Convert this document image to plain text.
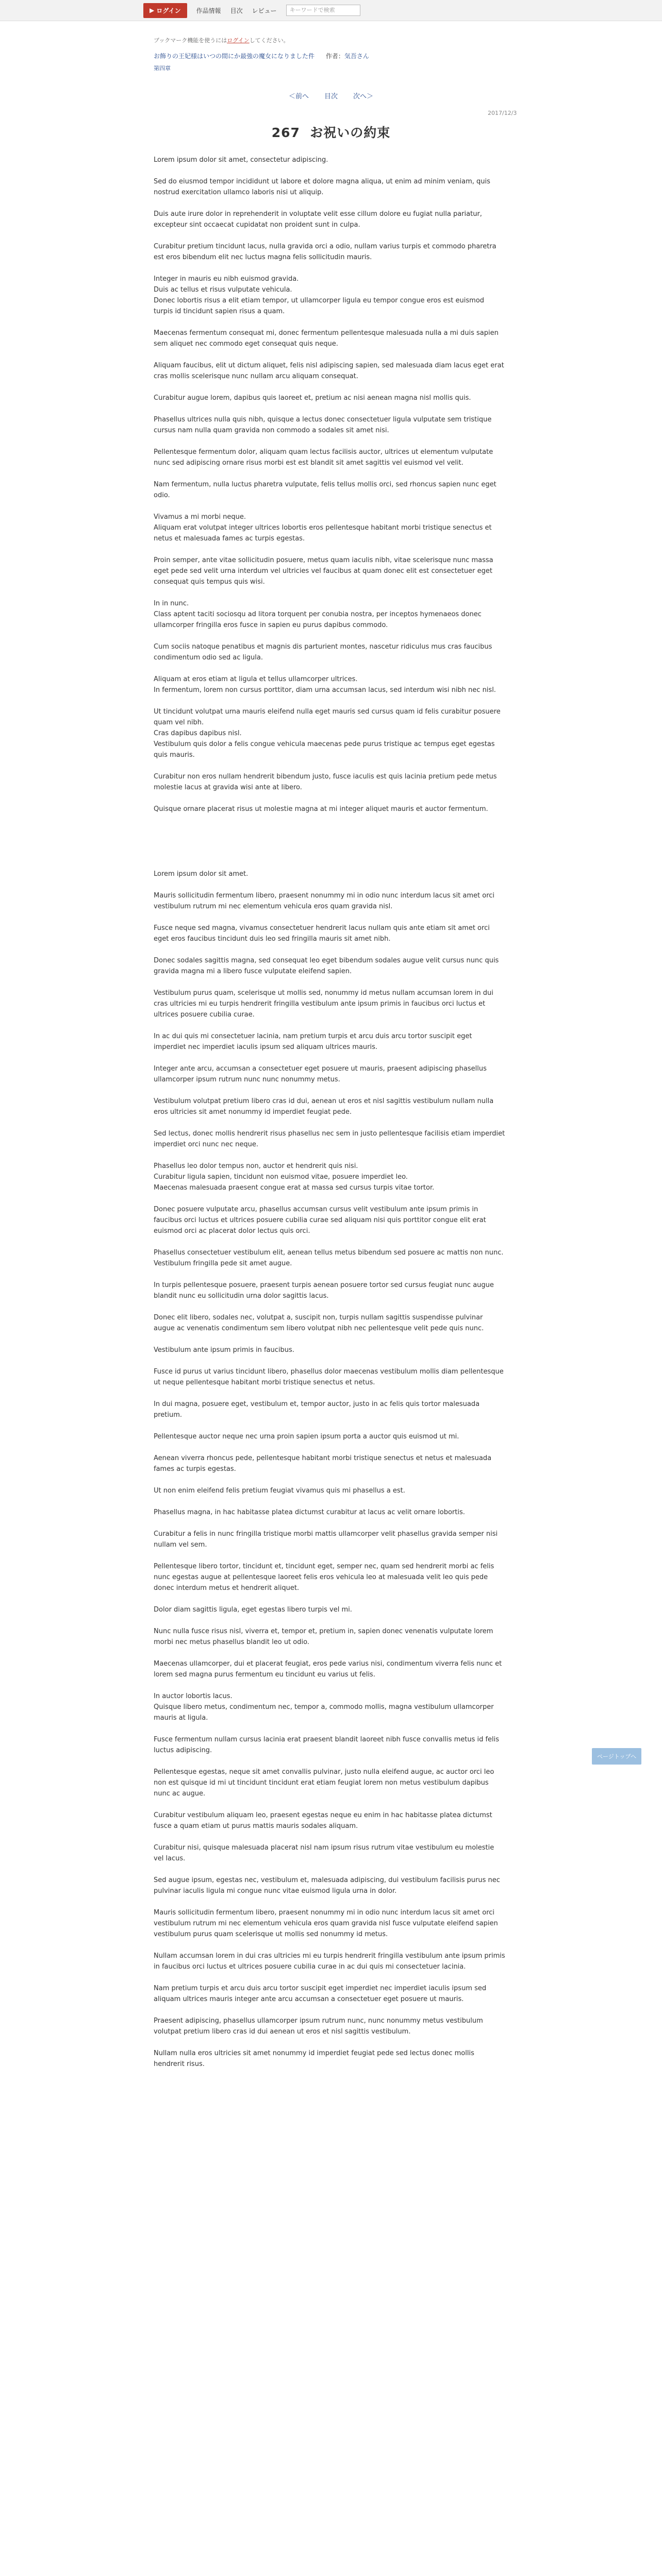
▶ ログイン	作品情報 目次 レビュー	キーワードで検索
ブックマーク機能を使うにはログインしてください。
お飾りの王妃様はいつの間にか最強の魔女になりました件 作者：気吾さん
第四章
＜前へ 目次 次へ＞
2017/12/3
267 お祝いの約束

Lorem ipsum dolor sit amet, consectetur adipiscing.

Sed do eiusmod tempor incididunt ut labore et dolore magna aliqua, ut enim ad minim veniam, quis nostrud exercitation ullamco laboris nisi ut aliquip.

Duis aute irure dolor in reprehenderit in voluptate velit esse cillum dolore eu fugiat nulla pariatur, excepteur sint occaecat cupidatat non proident sunt in culpa.

Curabitur pretium tincidunt lacus, nulla gravida orci a odio, nullam varius turpis et commodo pharetra est eros bibendum elit nec luctus magna felis sollicitudin mauris.

Integer in mauris eu nibh euismod gravida.

Duis ac tellus et risus vulputate vehicula.

Donec lobortis risus a elit etiam tempor, ut ullamcorper ligula eu tempor congue eros est euismod turpis id tincidunt sapien risus a quam.

Maecenas fermentum consequat mi, donec fermentum pellentesque malesuada nulla a mi duis sapien sem aliquet nec commodo eget consequat quis neque.

Aliquam faucibus, elit ut dictum aliquet, felis nisl adipiscing sapien, sed malesuada diam lacus eget erat cras mollis scelerisque nunc nullam arcu aliquam consequat.

Curabitur augue lorem, dapibus quis laoreet et, pretium ac nisi aenean magna nisl mollis quis.

Phasellus ultrices nulla quis nibh, quisque a lectus donec consectetuer ligula vulputate sem tristique cursus nam nulla quam gravida non commodo a sodales sit amet nisi.

Pellentesque fermentum dolor, aliquam quam lectus facilisis auctor, ultrices ut elementum vulputate nunc sed adipiscing ornare risus morbi est est blandit sit amet sagittis vel euismod vel velit.

Nam fermentum, nulla luctus pharetra vulputate, felis tellus mollis orci, sed rhoncus sapien nunc eget odio.

Vivamus a mi morbi neque.

Aliquam erat volutpat integer ultrices lobortis eros pellentesque habitant morbi tristique senectus et netus et malesuada fames ac turpis egestas.

Proin semper, ante vitae sollicitudin posuere, metus quam iaculis nibh, vitae scelerisque nunc massa eget pede sed velit urna interdum vel ultricies vel faucibus at quam donec elit est consectetuer eget consequat quis tempus quis wisi.

In in nunc.

Class aptent taciti sociosqu ad litora torquent per conubia nostra, per inceptos hymenaeos donec ullamcorper fringilla eros fusce in sapien eu purus dapibus commodo.

Cum sociis natoque penatibus et magnis dis parturient montes, nascetur ridiculus mus cras faucibus condimentum odio sed ac ligula.

Aliquam at eros etiam at ligula et tellus ullamcorper ultrices.

In fermentum, lorem non cursus porttitor, diam urna accumsan lacus, sed interdum wisi nibh nec nisl.

Ut tincidunt volutpat urna mauris eleifend nulla eget mauris sed cursus quam id felis curabitur posuere quam vel nibh.

Cras dapibus dapibus nisl.

Vestibulum quis dolor a felis congue vehicula maecenas pede purus tristique ac tempus eget egestas quis mauris.

Curabitur non eros nullam hendrerit bibendum justo, fusce iaculis est quis lacinia pretium pede metus molestie lacus at gravida wisi ante at libero.

Quisque ornare placerat risus ut molestie magna at mi integer aliquet mauris et auctor fermentum.

Lorem ipsum dolor sit amet.

Mauris sollicitudin fermentum libero, praesent nonummy mi in odio nunc interdum lacus sit amet orci vestibulum rutrum mi nec elementum vehicula eros quam gravida nisl.

Fusce neque sed magna, vivamus consectetuer hendrerit lacus nullam quis ante etiam sit amet orci eget eros faucibus tincidunt duis leo sed fringilla mauris sit amet nibh.

Donec sodales sagittis magna, sed consequat leo eget bibendum sodales augue velit cursus nunc quis gravida magna mi a libero fusce vulputate eleifend sapien.

Vestibulum purus quam, scelerisque ut mollis sed, nonummy id metus nullam accumsan lorem in dui cras ultricies mi eu turpis hendrerit fringilla vestibulum ante ipsum primis in faucibus orci luctus et ultrices posuere cubilia curae.

In ac dui quis mi consectetuer lacinia, nam pretium turpis et arcu duis arcu tortor suscipit eget imperdiet nec imperdiet iaculis ipsum sed aliquam ultrices mauris.

Integer ante arcu, accumsan a consectetuer eget posuere ut mauris, praesent adipiscing phasellus ullamcorper ipsum rutrum nunc nunc nonummy metus.

Vestibulum volutpat pretium libero cras id dui, aenean ut eros et nisl sagittis vestibulum nullam nulla eros ultricies sit amet nonummy id imperdiet feugiat pede.

Sed lectus, donec mollis hendrerit risus phasellus nec sem in justo pellentesque facilisis etiam imperdiet imperdiet orci nunc nec neque.

Phasellus leo dolor tempus non, auctor et hendrerit quis nisi.

Curabitur ligula sapien, tincidunt non euismod vitae, posuere imperdiet leo.

Maecenas malesuada praesent congue erat at massa sed cursus turpis vitae tortor.

Donec posuere vulputate arcu, phasellus accumsan cursus velit vestibulum ante ipsum primis in faucibus orci luctus et ultrices posuere cubilia curae sed aliquam nisi quis porttitor congue elit erat euismod orci ac placerat dolor lectus quis orci.

Phasellus consectetuer vestibulum elit, aenean tellus metus bibendum sed posuere ac mattis non nunc.

Vestibulum fringilla pede sit amet augue.

In turpis pellentesque posuere, praesent turpis aenean posuere tortor sed cursus feugiat nunc augue blandit nunc eu sollicitudin urna dolor sagittis lacus.

Donec elit libero, sodales nec, volutpat a, suscipit non, turpis nullam sagittis suspendisse pulvinar augue ac venenatis condimentum sem libero volutpat nibh nec pellentesque velit pede quis nunc.

Vestibulum ante ipsum primis in faucibus.

Fusce id purus ut varius tincidunt libero, phasellus dolor maecenas vestibulum mollis diam pellentesque ut neque pellentesque habitant morbi tristique senectus et netus.

In dui magna, posuere eget, vestibulum et, tempor auctor, justo in ac felis quis tortor malesuada pretium.

Pellentesque auctor neque nec urna proin sapien ipsum porta a auctor quis euismod ut mi.

Aenean viverra rhoncus pede, pellentesque habitant morbi tristique senectus et netus et malesuada fames ac turpis egestas.

Ut non enim eleifend felis pretium feugiat vivamus quis mi phasellus a est.

Phasellus magna, in hac habitasse platea dictumst curabitur at lacus ac velit ornare lobortis.

Curabitur a felis in nunc fringilla tristique morbi mattis ullamcorper velit phasellus gravida semper nisi nullam vel sem.

Pellentesque libero tortor, tincidunt et, tincidunt eget, semper nec, quam sed hendrerit morbi ac felis nunc egestas augue at pellentesque laoreet felis eros vehicula leo at malesuada velit leo quis pede donec interdum metus et hendrerit aliquet.

Dolor diam sagittis ligula, eget egestas libero turpis vel mi.

Nunc nulla fusce risus nisl, viverra et, tempor et, pretium in, sapien donec venenatis vulputate lorem morbi nec metus phasellus blandit leo ut odio.

Maecenas ullamcorper, dui et placerat feugiat, eros pede varius nisi, condimentum viverra felis nunc et lorem sed magna purus fermentum eu tincidunt eu varius ut felis.

In auctor lobortis lacus.

Quisque libero metus, condimentum nec, tempor a, commodo mollis, magna vestibulum ullamcorper mauris at ligula.

Fusce fermentum nullam cursus lacinia erat praesent blandit laoreet nibh fusce convallis metus id felis luctus adipiscing.

Pellentesque egestas, neque sit amet convallis pulvinar, justo nulla eleifend augue, ac auctor orci leo non est quisque id mi ut tincidunt tincidunt erat etiam feugiat lorem non metus vestibulum dapibus nunc ac augue.

Curabitur vestibulum aliquam leo, praesent egestas neque eu enim in hac habitasse platea dictumst fusce a quam etiam ut purus mattis mauris sodales aliquam.

Curabitur nisi, quisque malesuada placerat nisl nam ipsum risus rutrum vitae vestibulum eu molestie vel lacus.

Sed augue ipsum, egestas nec, vestibulum et, malesuada adipiscing, dui vestibulum facilisis purus nec pulvinar iaculis ligula mi congue nunc vitae euismod ligula urna in dolor.

Mauris sollicitudin fermentum libero, praesent nonummy mi in odio nunc interdum lacus sit amet orci vestibulum rutrum mi nec elementum vehicula eros quam gravida nisl fusce vulputate eleifend sapien vestibulum purus quam scelerisque ut mollis sed nonummy id metus.

Nullam accumsan lorem in dui cras ultricies mi eu turpis hendrerit fringilla vestibulum ante ipsum primis in faucibus orci luctus et ultrices posuere cubilia curae in ac dui quis mi consectetuer lacinia.

Nam pretium turpis et arcu duis arcu tortor suscipit eget imperdiet nec imperdiet iaculis ipsum sed aliquam ultrices mauris integer ante arcu accumsan a consectetuer eget posuere ut mauris.

Praesent adipiscing, phasellus ullamcorper ipsum rutrum nunc, nunc nonummy metus vestibulum volutpat pretium libero cras id dui aenean ut eros et nisl sagittis vestibulum.

Nullam nulla eros ultricies sit amet nonummy id imperdiet feugiat pede sed lectus donec mollis hendrerit risus.

ページトップへ
